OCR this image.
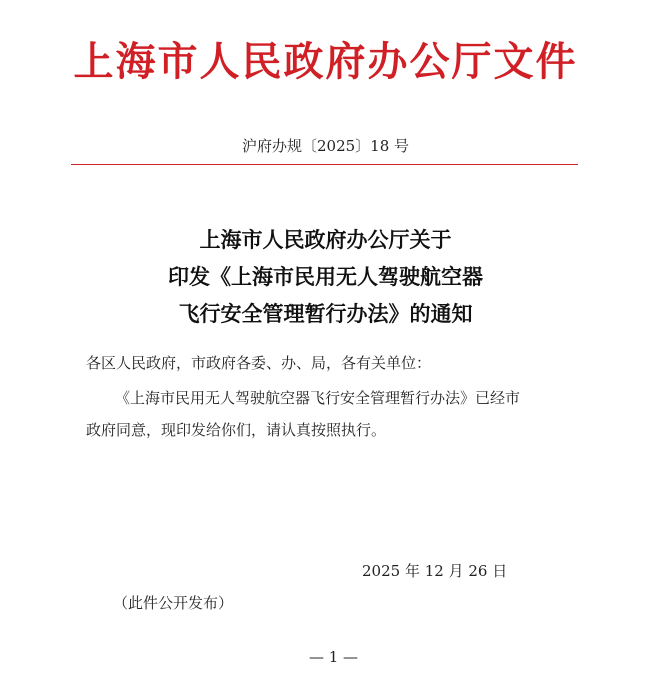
上海市人民政府办公厅文件
沪府办规〔2025〕18 号
上海市人民政府办公厅关于
印发《上海市民用无人驾驶航空器
飞行安全管理暂行办法》的通知
各区人民政府，市政府各委、办、局，各有关单位：
《上海市民用无人驾驶航空器飞行安全管理暂行办法》已经市
政府同意，现印发给你们，请认真按照执行。
2025 年 12 月 26 日
（此件公开发布）
— 1 —
